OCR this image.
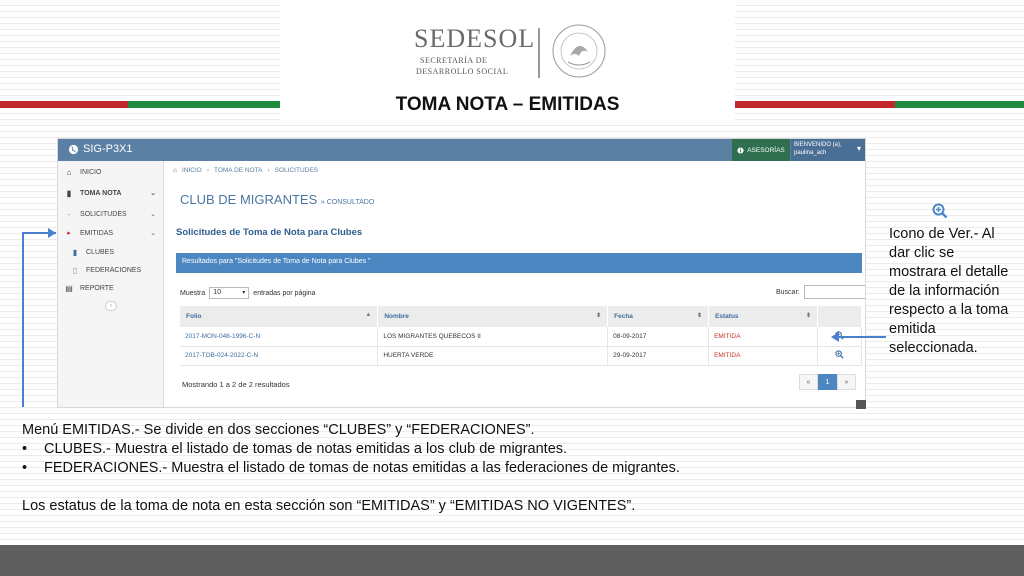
SEDESOL
SECRETARÍA DE
DESARROLLO SOCIAL
TOMA NOTA – EMITIDAS
SIG-P3X1	ASESORÍAS
BIENVENIDO (a),
paulina_ach	▾
⌂	INICIO
▮	TOMA NOTA	⌄
-	SOLICITUDES	⌄
▸	EMITIDAS	⌄
▮	CLUBES
▯	FEDERACIONES
▤	REPORTE
‹
⌂ INICIO › TOMA DE NOTA › SOLICITUDES
CLUB DE MIGRANTES » CONSULTADO
Solicitudes de Toma de Nota para Clubes
Resultados para "Solicitudes de Toma de Nota para Clubes "
Muestra	10	▾ entradas por página	Buscar:
Folio ▲	Nombre ⬍	Fecha ⬍	Estatus ⬍	

2017-MON-048-1996-C-N	LOS MIGRANTES QUEBECOS II	08-09-2017	EMITIDA	
2017-TOB-024-2022-C-N	HUERTA VERDE	29-09-2017	EMITIDA	
Mostrando 1 a 2 de 2 resultados	«	1	»
Icono de Ver.- Al dar clic se mostrara el detalle de la información respecto a la toma emitida seleccionada.
Menú EMITIDAS.- Se divide en dos secciones “CLUBES” y “FEDERACIONES”.
•	CLUBES.- Muestra el listado de tomas de notas emitidas a los club de migrantes.
•	FEDERACIONES.- Muestra el listado de tomas de notas emitidas a las federaciones de migrantes.
Los estatus de la toma de nota en esta sección son “EMITIDAS” y “EMITIDAS NO VIGENTES”.
